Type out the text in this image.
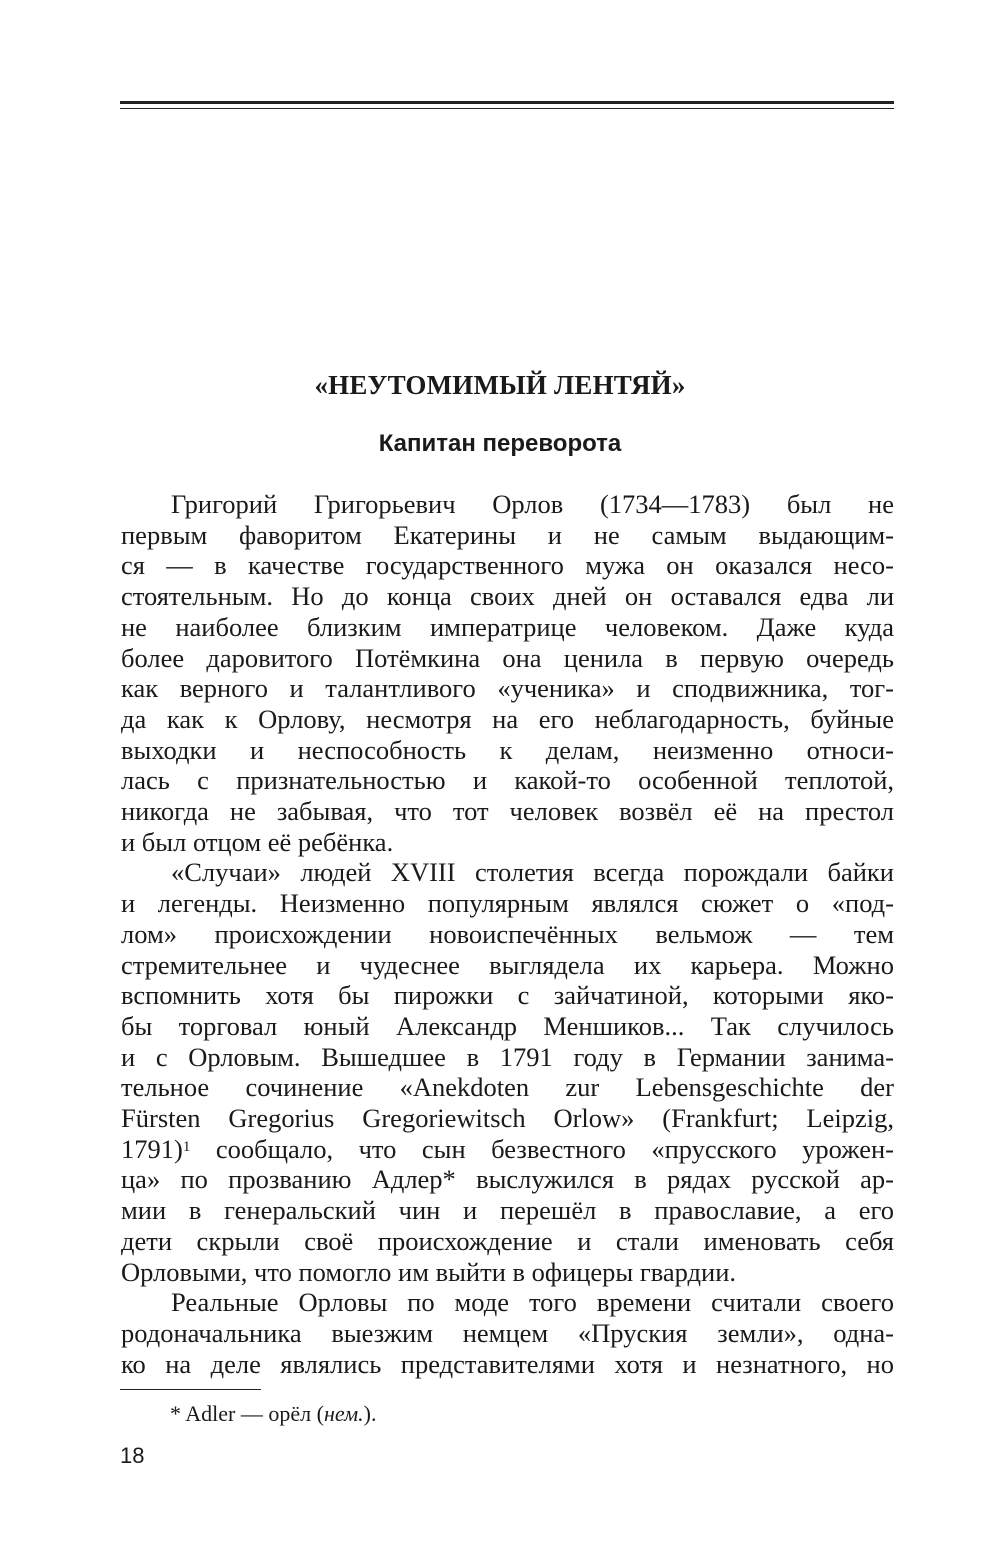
«НЕУТОМИМЫЙ ЛЕНТЯЙ»
Капитан переворота

Григорий Григорьевич Орлов (1734—1783) был не
первым фаворитом Екатерины и не самым выдающим-
ся — в качестве государственного мужа он оказался несо-
стоятельным. Но до конца своих дней он оставался едва ли
не наиболее близким императрице человеком. Даже куда
более даровитого Потёмкина она ценила в первую очередь
как верного и талантливого «ученика» и сподвижника, тог-
да как к Орлову, несмотря на его неблагодарность, буйные
выходки и неспособность к делам, неизменно относи-
лась с признательностью и какой-то особенной теплотой,
никогда не забывая, что тот человек возвёл её на престол
и был отцом её ребёнка.

«Случаи» людей XVIII столетия всегда порождали байки
и легенды. Неизменно популярным являлся сюжет о «под-
лом» происхождении новоиспечённых вельмож — тем
стремительнее и чудеснее выглядела их карьера. Можно
вспомнить хотя бы пирожки с зайчатиной, которыми яко-
бы торговал юный Александр Меншиков... Так случилось
и с Орловым. Вышедшее в 1791 году в Германии занима-
тельное сочинение «Anekdoten zur Lebensgeschichte der
Fürsten Gregorius Gregoriewitsch Orlow» (Frankfurt; Leipzig,
1791)$^1$ сообщало, что сын безвестного «прусского урожен-
ца» по прозванию Адлер* выслужился в рядах русской ар-
мии в генеральский чин и перешёл в православие, а его
дети скрыли своё происхождение и стали именовать себя
Орловыми, что помогло им выйти в офицеры гвардии.

Реальные Орловы по моде того времени считали своего
родоначальника выезжим немцем «Пруския земли», одна-
ко на деле являлись представителями хотя и незнатного, но

* Adler — орёл (нем.).
18
